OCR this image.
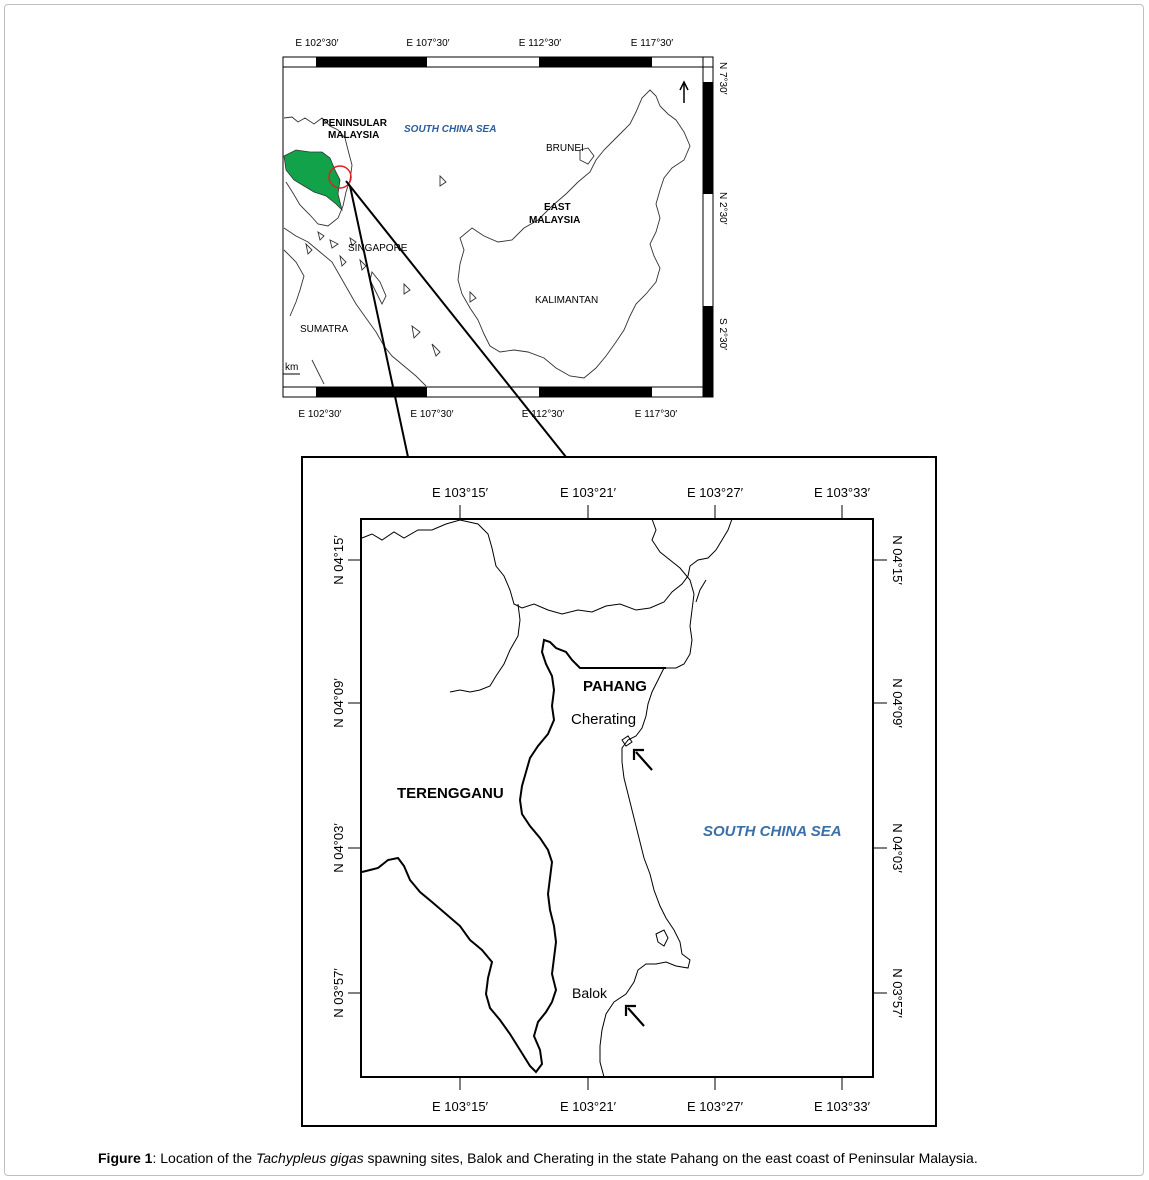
E 102°30′	E 107°30′	E 112°30′	E 117°30′
N 7°30′
N 2°30′
S 2°30′
PENINSULAR
MALAYSIA
SOUTH CHINA SEA
BRUNEI
EAST
MALAYSIA
SINGAPORE
KALIMANTAN
SUMATRA
km
E 102°30′	E 107°30′	E 112°30′	E 117°30′
E 103°15′	E 103°21′	E 103°27′	E 103°33′
E 103°15′	E 103°21′	E 103°27′	E 103°33′
N 04°15′
N 04°09′
N 04°03′
N 03°57′
N 04°15′
N 04°09′
N 04°03′
N 03°57′
PAHANG
Cherating
TERENGGANU
SOUTH CHINA SEA
Balok
Figure 1: Location of the Tachypleus gigas spawning sites, Balok and Cherating in the state Pahang on the east coast of Peninsular Malaysia.
